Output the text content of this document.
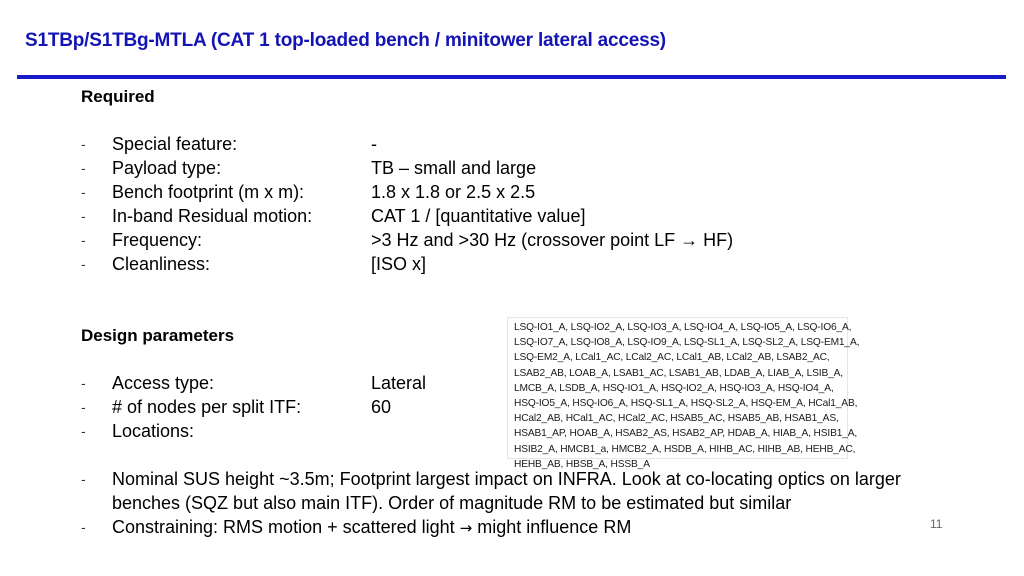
S1TBp/S1TBg-MTLA (CAT 1 top-loaded bench / minitower lateral access)
Required
- Special feature:	-
- Payload type:	TB – small and large
- Bench footprint (m x m):	1.8 x 1.8 or 2.5 x 2.5
- In-band Residual motion:	CAT 1 / [quantitative value]
- Frequency:	>3 Hz and >30 Hz (crossover point LF → HF)
- Cleanliness:	[ISO x]
Design parameters
- Access type:	Lateral
- # of nodes per split ITF:	60
- Locations:
LSQ-IO1_A, LSQ-IO2_A, LSQ-IO3_A, LSQ-IO4_A, LSQ-IO5_A, LSQ-IO6_A,
LSQ-IO7_A, LSQ-IO8_A, LSQ-IO9_A, LSQ-SL1_A, LSQ-SL2_A, LSQ-EM1_A,
LSQ-EM2_A, LCal1_AC, LCal2_AC, LCal1_AB, LCal2_AB, LSAB2_AC,
LSAB2_AB, LOAB_A, LSAB1_AC, LSAB1_AB, LDAB_A, LIAB_A, LSIB_A,
LMCB_A, LSDB_A, HSQ-IO1_A, HSQ-IO2_A, HSQ-IO3_A, HSQ-IO4_A,
HSQ-IO5_A, HSQ-IO6_A, HSQ-SL1_A, HSQ-SL2_A, HSQ-EM_A, HCal1_AB,
HCal2_AB, HCal1_AC, HCal2_AC, HSAB5_AC, HSAB5_AB, HSAB1_AS,
HSAB1_AP, HOAB_A, HSAB2_AS, HSAB2_AP, HDAB_A, HIAB_A, HSIB1_A,
HSIB2_A, HMCB1_a, HMCB2_A, HSDB_A, HIHB_AC, HIHB_AB, HEHB_AC,
HEHB_AB, HBSB_A, HSSB_A
- Nominal SUS height ~3.5m; Footprint largest impact on INFRA. Look at co-locating optics on larger benches (SQZ but also main ITF). Order of magnitude RM to be estimated but similar
- Constraining: RMS motion + scattered light → might influence RM	11
